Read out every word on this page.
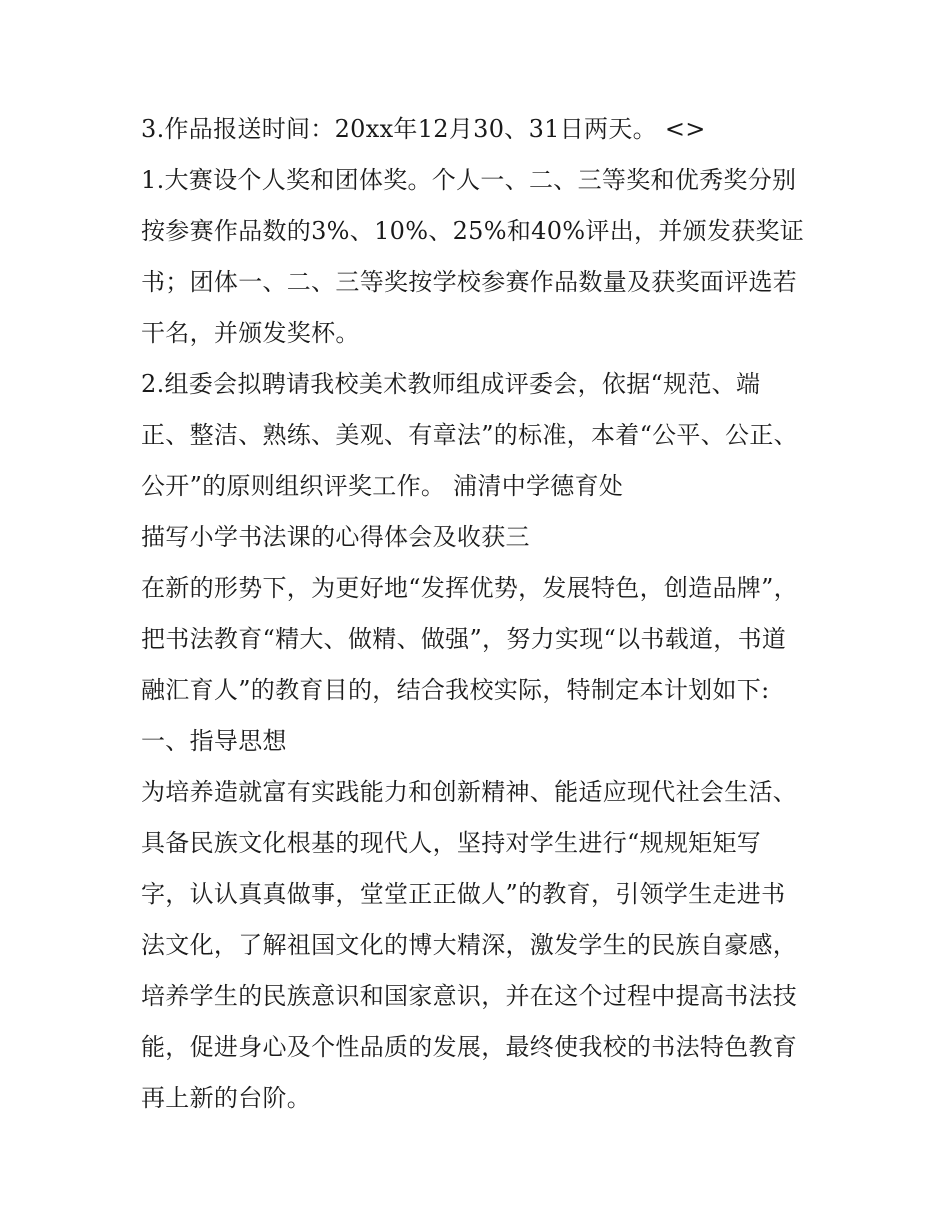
3.作品报送时间：20xx年12月30、31日两天。 <>
1.大赛设个人奖和团体奖。个人一、二、三等奖和优秀奖分别
按参赛作品数的3%、10%、25%和40%评出，并颁发获奖证
书；团体一、二、三等奖按学校参赛作品数量及获奖面评选若
干名，并颁发奖杯。
2.组委会拟聘请我校美术教师组成评委会，依据“规范、端
正、整洁、熟练、美观、有章法”的标准，本着“公平、公正、
公开”的原则组织评奖工作。 浦清中学德育处
描写小学书法课的心得体会及收获三
在新的形势下，为更好地“发挥优势，发展特色，创造品牌”，
把书法教育“精大、做精、做强”，努力实现“以书载道，书道
融汇育人”的教育目的，结合我校实际，特制定本计划如下:
一、指导思想
为培养造就富有实践能力和创新精神、能适应现代社会生活、
具备民族文化根基的现代人，坚持对学生进行“规规矩矩写
字，认认真真做事，堂堂正正做人”的教育，引领学生走进书
法文化，了解祖国文化的博大精深，激发学生的民族自豪感，
培养学生的民族意识和国家意识，并在这个过程中提高书法技
能，促进身心及个性品质的发展，最终使我校的书法特色教育
再上新的台阶。
